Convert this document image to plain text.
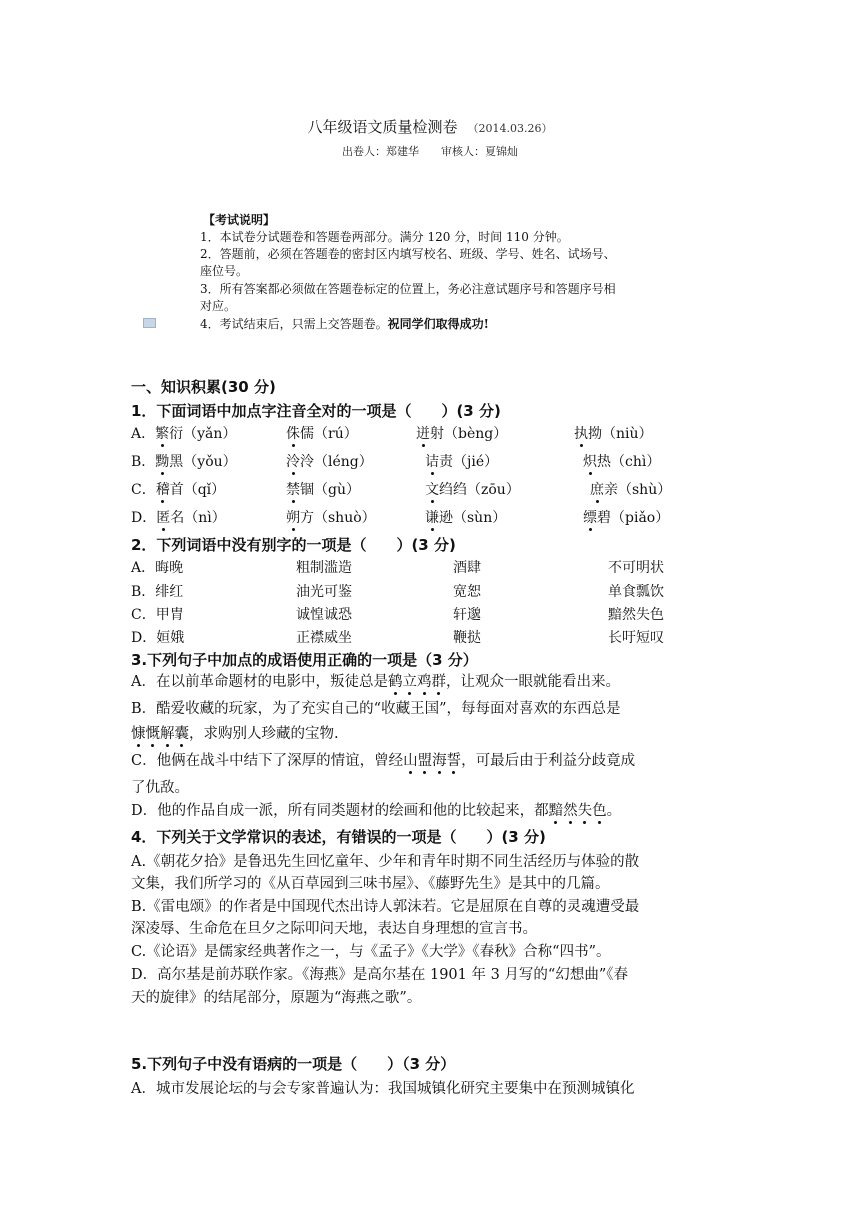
八年级语文质量检测卷 （2014.03.26）
出卷人：郑建华 审核人：夏锦灿
【考试说明】
1．本试卷分试题卷和答题卷两部分。满分 120 分，时间 110 分钟。
2．答题前，必须在答题卷的密封区内填写校名、班级、学号、姓名、试场号、
座位号。
3．所有答案都必须做在答题卷标定的位置上，务必注意试题序号和答题序号相
对应。
4．考试结束后，只需上交答题卷。祝同学们取得成功!
一、知识积累(30 分)
1．下面词语中加点字注音全对的一项是（　　）(3 分)
A．繁衍（yǎn）	侏儒（rú）	迸射（bèng）	执拗（niù）
B．黝黑（yǒu）	泠泠（léng）	诘责（jié）	炽热（chì）
C．稽首（qǐ）	禁锢（gù）	文绉绉（zōu）	庶亲（shù）
D．匿名（nì）	朔方（shuò）	谦逊（sùn）	缥碧（piǎo）
2．下列词语中没有别字的一项是（　　）(3 分)
A．晦晚	粗制滥造	酒肆	不可明状
B．绯红	油光可鉴	宽恕	单食瓢饮
C．甲胄	诚惶诚恐	轩邈	黯然失色
D．姮娥	正襟威坐	鞭挞	长吁短叹
3.下列句子中加点的成语使用正确的一项是（3 分）
A．在以前革命题材的电影中，叛徒总是鹤立鸡群，让观众一眼就能看出来。
B．酷爱收藏的玩家，为了充实自己的“收藏王国”，每每面对喜欢的东西总是
慷慨解囊，求购别人珍藏的宝物.
C．他俩在战斗中结下了深厚的情谊，曾经山盟海誓，可最后由于利益分歧竟成
了仇敌。
D．他的作品自成一派，所有同类题材的绘画和他的比较起来，都黯然失色。
4．下列关于文学常识的表述，有错误的一项是（　　）(3 分)
A.《朝花夕拾》是鲁迅先生回忆童年、少年和青年时期不同生活经历与体验的散
文集，我们所学习的《从百草园到三味书屋》、《藤野先生》是其中的几篇。
B.《雷电颂》的作者是中国现代杰出诗人郭沫若。它是屈原在自尊的灵魂遭受最
深凌辱、生命危在旦夕之际叩问天地，表达自身理想的宣言书。
C.《论语》是儒家经典著作之一，与《孟子》《大学》《春秋》合称“四书”。
D．高尔基是前苏联作家。《海燕》是高尔基在 1901 年 3 月写的“幻想曲”《春
天的旋律》的结尾部分，原题为“海燕之歌”。
5.下列句子中没有语病的一项是（　　）（3 分）
A．城市发展论坛的与会专家普遍认为：我国城镇化研究主要集中在预测城镇化
